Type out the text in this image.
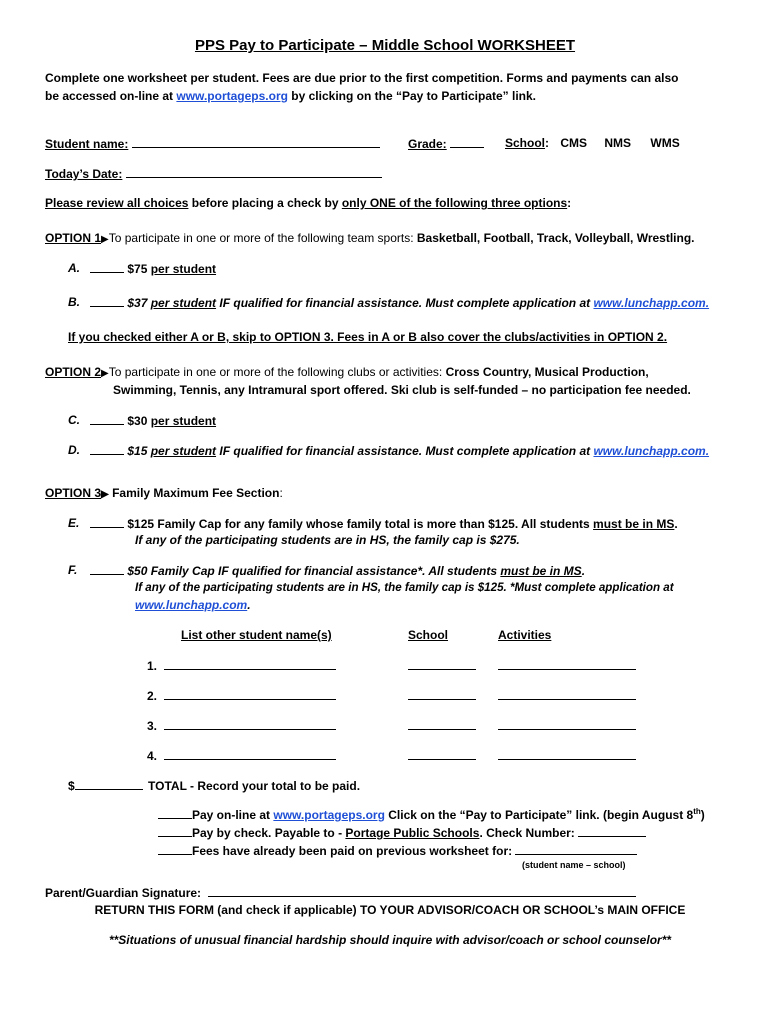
PPS Pay to Participate – Middle School WORKSHEET
Complete one worksheet per student. Fees are due prior to the first competition. Forms and payments can also
be accessed on-line at www.portageps.org by clicking on the “Pay to Participate” link.
Student name:	Grade:	School: CMS NMS WMS
Today’s Date:
Please review all choices before placing a check by only ONE of the following three options:
OPTION 1▶To participate in one or more of the following team sports: Basketball, Football, Track, Volleyball, Wrestling.
A.	$75 per student
B.	$37 per student IF qualified for financial assistance. Must complete application at www.lunchapp.com.
If you checked either A or B, skip to OPTION 3. Fees in A or B also cover the clubs/activities in OPTION 2.
OPTION 2▶To participate in one or more of the following clubs or activities: Cross Country, Musical Production,
Swimming, Tennis, any Intramural sport offered. Ski club is self-funded – no participation fee needed.
C.	$30 per student
D.	$15 per student IF qualified for financial assistance. Must complete application at www.lunchapp.com.
OPTION 3▶ Family Maximum Fee Section:
E.	$125 Family Cap for any family whose family total is more than $125. All students must be in MS.
If any of the participating students are in HS, the family cap is $275.
F.	$50 Family Cap IF qualified for financial assistance*. All students must be in MS.
If any of the participating students are in HS, the family cap is $125. *Must complete application at
www.lunchapp.com.
List other student name(s)	School	Activities
1.
2.
3.
4.
$	TOTAL - Record your total to be paid.
Pay on-line at www.portageps.org Click on the “Pay to Participate” link. (begin August 8th)
Pay by check. Payable to - Portage Public Schools. Check Number:
Fees have already been paid on previous worksheet for:
(student name – school)
Parent/Guardian Signature:
RETURN THIS FORM (and check if applicable) TO YOUR ADVISOR/COACH OR SCHOOL’s MAIN OFFICE
**Situations of unusual financial hardship should inquire with advisor/coach or school counselor**
